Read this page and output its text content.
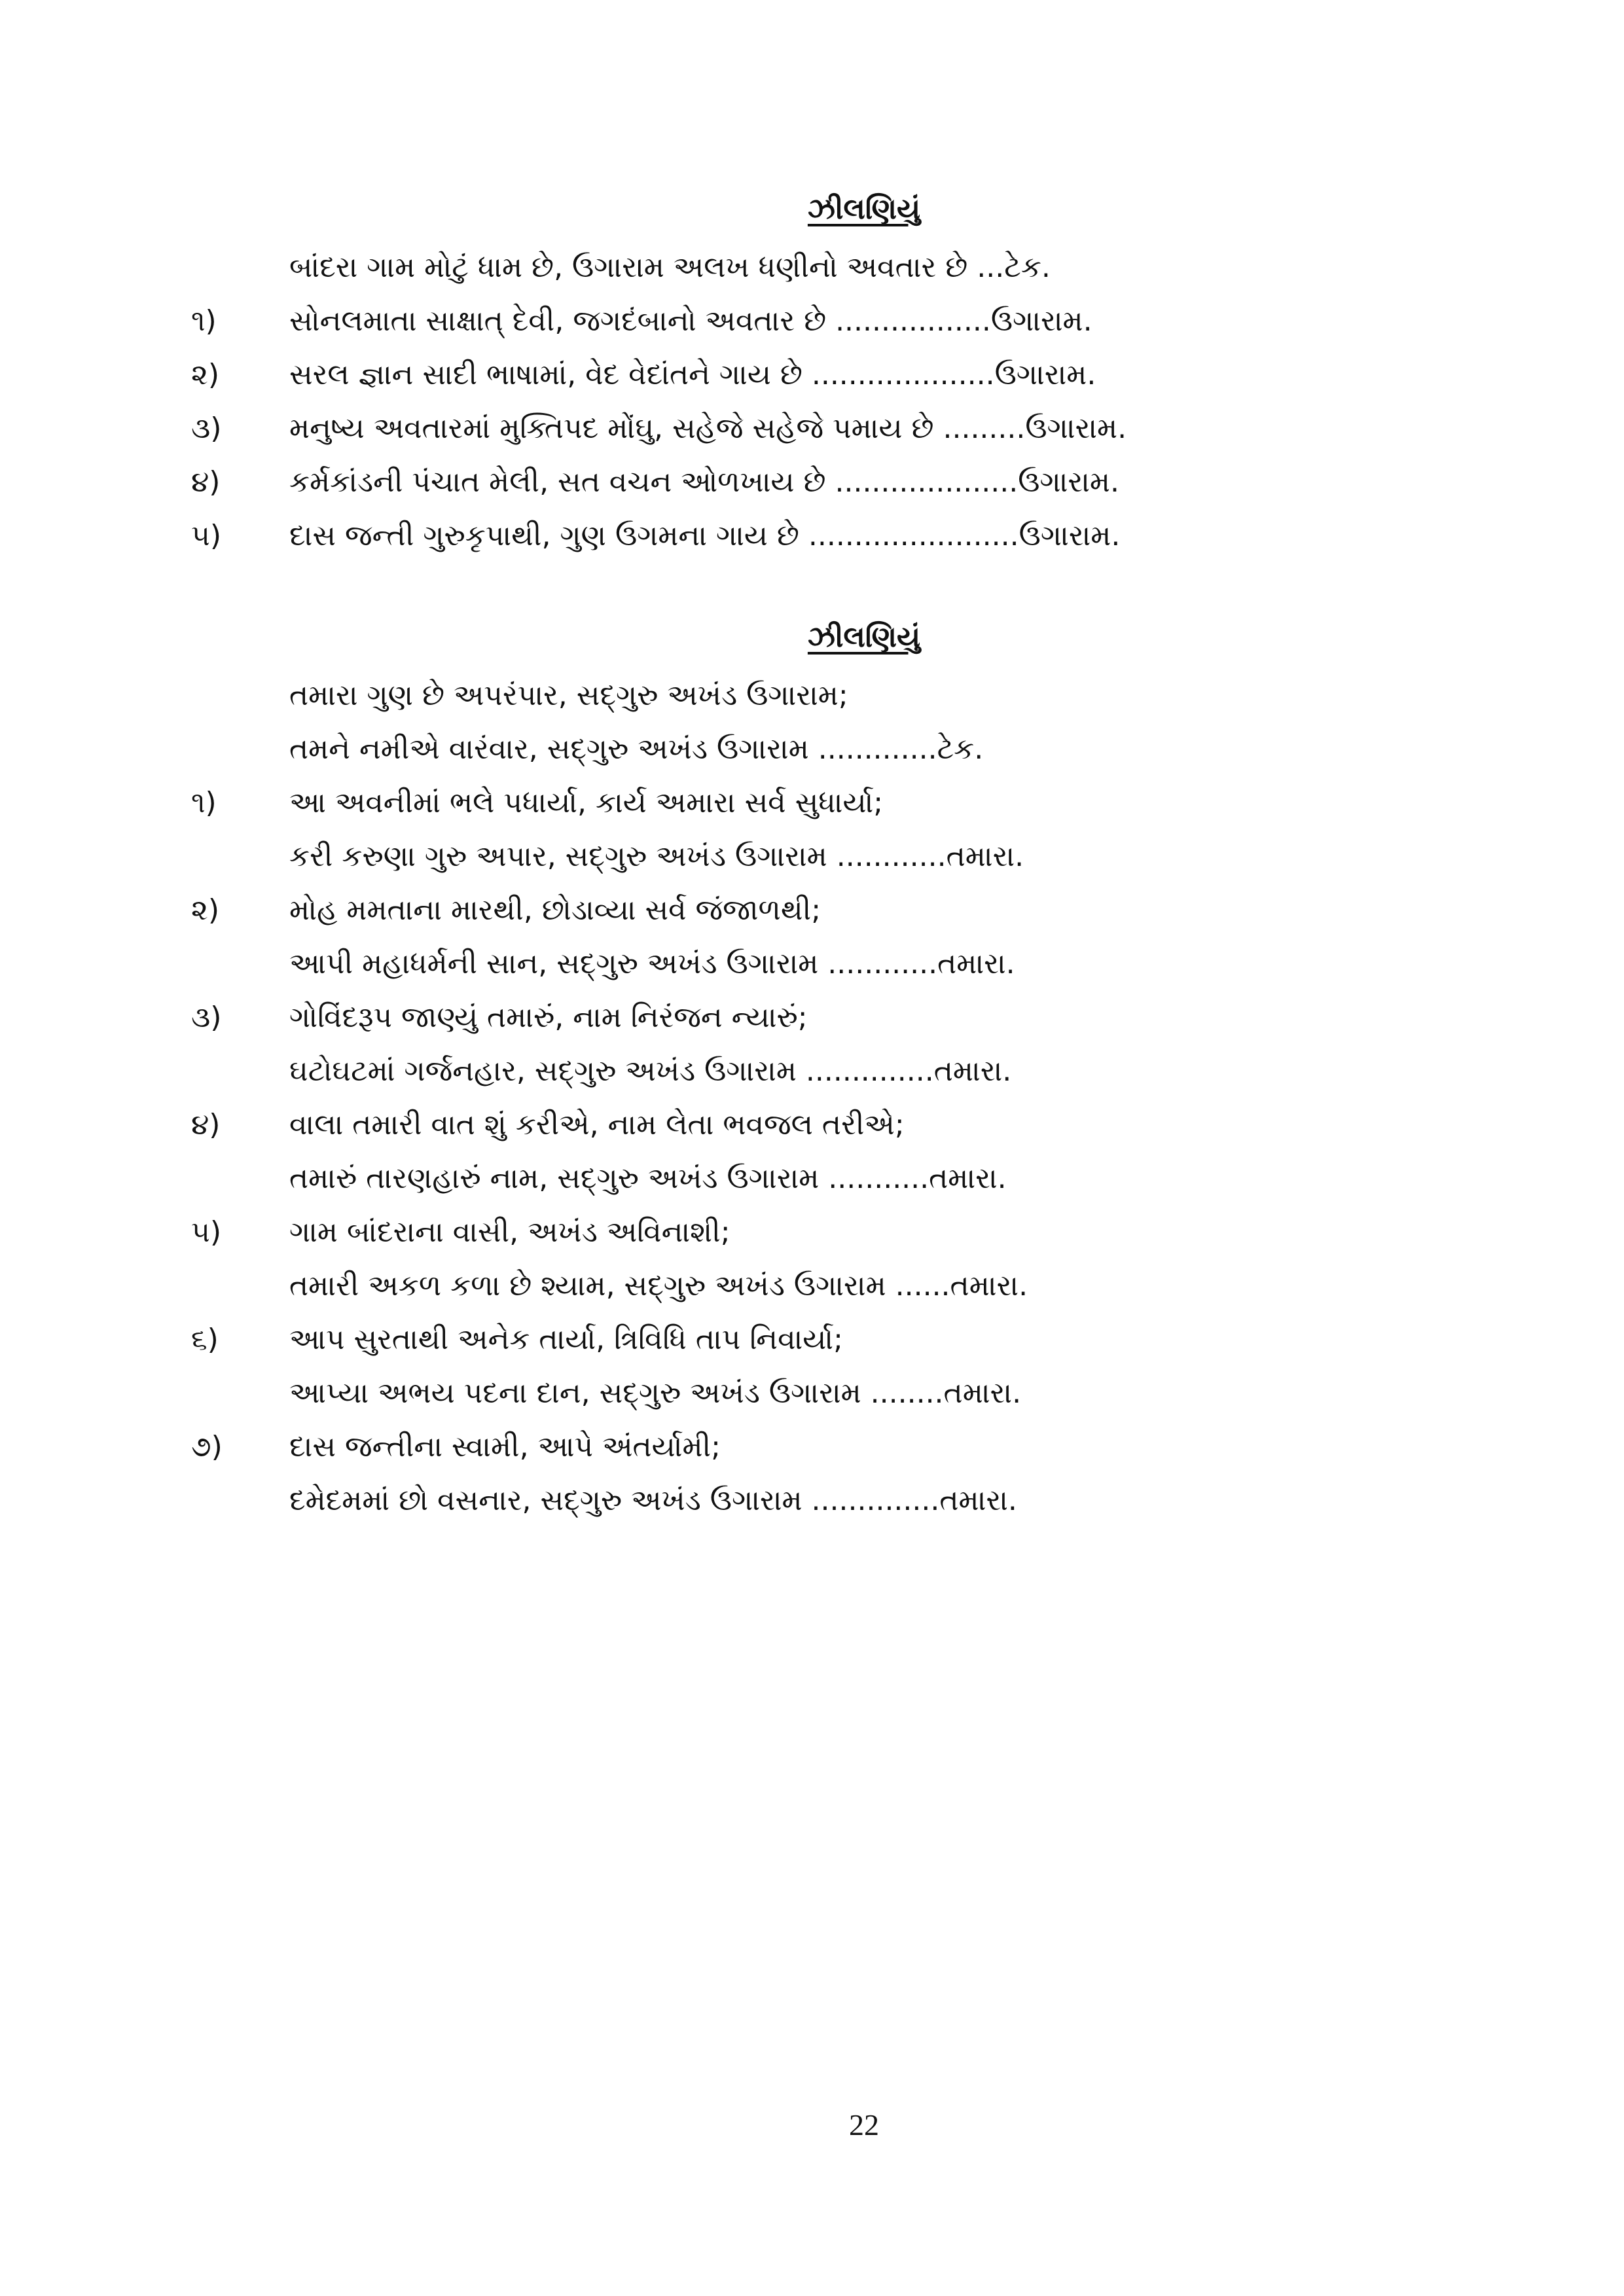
ઝીલણિયું
બાંદરા ગામ મોટું ધામ છે, ઉગારામ અલખ ધણીનો અવતાર છે ...ટેક.
૧)	સોનલમાતા સાક્ષાત્ દેવી, જગદંબાનો અવતાર છે .................ઉગારામ.
૨) સરલ જ્ઞાન સાદી ભાષામાં, વેદ વેદાંતને ગાય છે ....................ઉગારામ.
૩) મનુષ્ય અવતારમાં મુક્તિપદ મોંઘુ, સહેજે સહેજે પમાય છે .........ઉગારામ.
૪) કર્મકાંડની પંચાત મેલી, સત વચન ઓળખાય છે ....................ઉગારામ.
૫) દાસ જન્તી ગુરુકૃપાથી, ગુણ ઉગમના ગાય છે .......................ઉગારામ.
ઝીલણિયું
તમારા ગુણ છે અપરંપાર, સદ્‌ગુરુ અખંડ ઉગારામ;
તમને નમીએ વારંવાર, સદ્‌ગુરુ અખંડ ઉગારામ .............ટેક.
૧)	આ અવનીમાં ભલે પધાર્યા, કાર્ય અમારા સર્વ સુધાર્યા;
કરી કરુણા ગુરુ અપાર, સદ્‌ગુરુ અખંડ ઉગારામ ............તમારા.
૨) મોહ મમતાના મારથી, છોડાવ્યા સર્વ જંજાળથી;
આપી મહાધર્મની સાન, સદ્‌ગુરુ અખંડ ઉગારામ ............તમારા.
૩) ગોવિંદરૂપ જાણ્યું તમારું, નામ નિરંજન ન્યારું;
ઘટોઘટમાં ગર્જનહાર, સદ્‌ગુરુ અખંડ ઉગારામ ..............તમારા.
૪) વાલા તમારી વાત શું કરીએ, નામ લેતા ભવજલ તરીએ;
તમારું તારણહારું નામ, સદ્‌ગુરુ અખંડ ઉગારામ ...........તમારા.
૫) ગામ બાંદરાના વાસી, અખંડ અવિનાશી;
તમારી અકળ કળા છે શ્યામ, સદ્‌ગુરુ અખંડ ઉગારામ ......તમારા.
૬) આપ સુરતાથી અનેક તાર્યા, ત્રિવિધિ તાપ નિવાર્યા;
આપ્યા અભય પદના દાન, સદ્‌ગુરુ અખંડ ઉગારામ ........તમારા.
૭) દાસ જન્તીના સ્વામી, આપે અંતર્યામી;
દમેદમમાં છો વસનાર, સદ્‌ગુરુ અખંડ ઉગારામ ..............તમારા.
22
